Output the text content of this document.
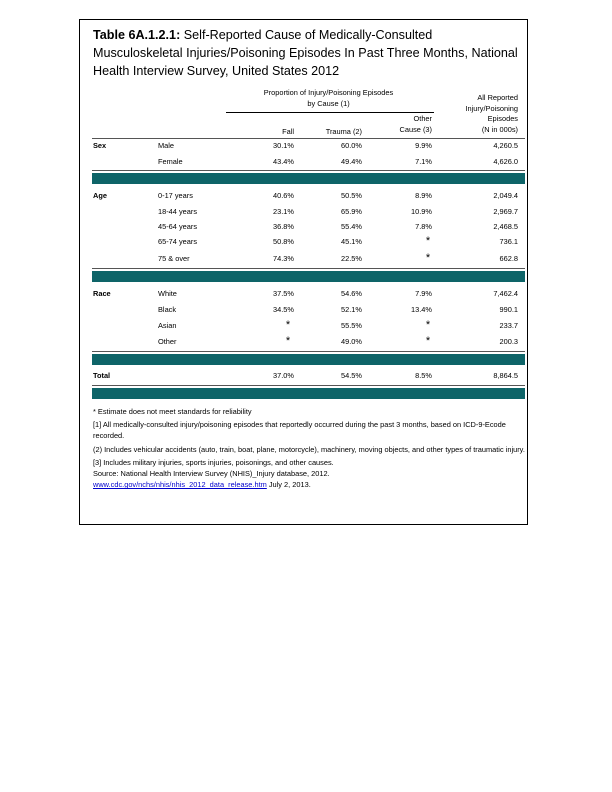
Table 6A.1.2.1: Self-Reported Cause of Medically-Consulted Musculoskeletal Injuries/Poisoning Episodes In Past Three Months, National Health Interview Survey, United States 2012
Proportion of Injury/Poisoning Episodes
by Cause (1)
All Reported
Injury/Poisoning
Episodes
(N in 000s)
Fall	Trauma (2)
Other
Cause (3)
Sex	Male	30.1%	60.0%	9.9%	4,260.5
Female	43.4%	49.4%	7.1%	4,626.0
Age	0-17 years	40.6%	50.5%	8.9%	2,049.4
18-44 years	23.1%	65.9%	10.9%	2,969.7
45-64 years	36.8%	55.4%	7.8%	2,468.5
65-74 years	50.8%	45.1%	*	736.1
75 & over	74.3%	22.5%	*	662.8
Race	White	37.5%	54.6%	7.9%	7,462.4
Black	34.5%	52.1%	13.4%	990.1
Asian	*	55.5%	*	233.7
Other	*	49.0%	*	200.3
Total	37.0%	54.5%	8.5%	8,864.5

* Estimate does not meet standards for reliability

[1] All medically-consulted injury/poisoning episodes that reportedly occurred during the past 3 months, based on ICD-9-Ecode recorded.

(2) Includes vehicular accidents (auto, train, boat, plane, motorcycle), machinery, moving objects, and other types of traumatic injury.

[3] Includes military injuries, sports injuries, poisonings, and other causes.

Source: National Health Interview Survey (NHIS)_Injury database, 2012.

www.cdc.gov/nchs/nhis/nhis_2012_data_release.htm July 2, 2013.
